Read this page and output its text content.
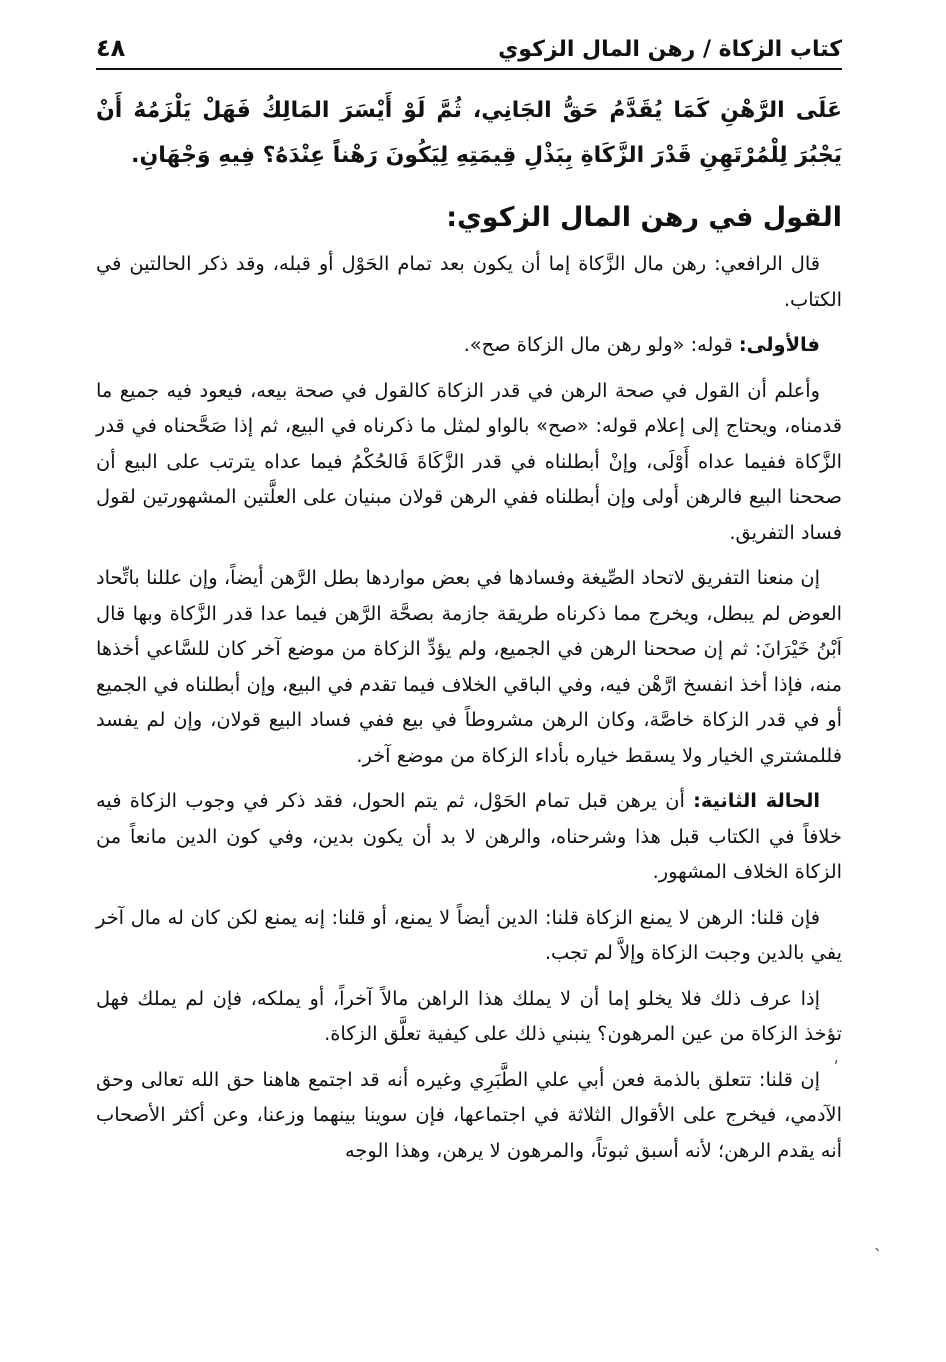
كتاب الزكاة / رهن المال الزكوي
٤٨
عَلَى الرَّهْنِ كَمَا يُقَدَّمُ حَقُّ الجَانِي، ثُمَّ لَوْ أَيْسَرَ المَالِكُ فَهَلْ يَلْزَمُهُ أَنْ يَجْبُرَ لِلْمُرْتَهِنِ قَدْرَ الزَّكَاةِ بِبَذْلِ قِيمَتِهِ لِيَكُونَ رَهْناً عِنْدَهُ؟ فِيهِ وَجْهَانِ.
القول في رهن المال الزكوي:

قال الرافعي: رهن مال الزَّكاة إما أن يكون بعد تمام الحَوْل أو قبله، وقد ذكر الحالتين في الكتاب.

فالأولى: قوله: «ولو رهن مال الزكاة صح».

وأعلم أن القول في صحة الرهن في قدر الزكاة كالقول في صحة بيعه، فيعود فيه جميع ما قدمناه، ويحتاج إلى إعلام قوله: «صح» بالواو لمثل ما ذكرناه في البيع، ثم إذا صَحَّحناه في قدر الزَّكاة ففيما عداه أَوْلَى، وإنْ أبطلناه في قدر الزَّكَاةَ فَالحُكْمُ فيما عداه يترتب على البيع أن صححنا البيع فالرهن أولى وإن أبطلناه ففي الرهن قولان مبنيان على العلَّتين المشهورتين لقول فساد التفريق.

إن منعنا التفريق لاتحاد الصِّيغة وفسادها في بعض مواردها بطل الرَّهن أيضاً، وإن عللنا باتِّحاد العوض لم يبطل، ويخرج مما ذكرناه طريقة جازمة بصحَّة الرَّهن فيما عدا قدر الزَّكاة وبها قال اَبْنُ خَيْرَانَ: ثم إن صححنا الرهن في الجميع، ولم يؤدِّ الزكاة من موضع آخر كان للسَّاعي أخذها منه، فإذا أخذ انفسخ ارَّهْن فيه، وفي الباقي الخلاف فيما تقدم في البيع، وإن أبطلناه في الجميع أو في قدر الزكاة خاصَّة، وكان الرهن مشروطاً في بيع ففي فساد البيع قولان، وإن لم يفسد فللمشتري الخيار ولا يسقط خياره بأداء الزكاة من موضع آخر.

الحالة الثانية: أن يرهن قبل تمام الحَوْل، ثم يتم الحول، فقد ذكر في وجوب الزكاة فيه خلافاً في الكتاب قبل هذا وشرحناه، والرهن لا بد أن يكون بدين، وفي كون الدين مانعاً من الزكاة الخلاف المشهور.

فإن قلنا: الرهن لا يمنع الزكاة قلنا: الدين أيضاً لا يمنع، أو قلنا: إنه يمنع لكن كان له مال آخر يفي بالدين وجبت الزكاة وإلاَّ لم تجب.

إذا عرف ذلك فلا يخلو إما أن لا يملك هذا الراهن مالاً آخراً، أو يملكه، فإن لم يملك فهل تؤخذ الزكاة من عين المرهون؟ ينبني ذلك على كيفية تعلَّق الزكاة.

إن قلنا: تتعلق بالذمة فعن أبي علي الطَّبَرِي وغيره أنه قد اجتمع هاهنا حق الله تعالى وحق الآدمي، فيخرج على الأقوال الثلاثة في اجتماعها، فإن سوينا بينهما وزعنا، وعن أكثر الأصحاب أنه يقدم الرهن؛ لأنه أسبق ثبوتاً، والمرهون لا يرهن، وهذا الوجه

ʹ
ˎ
